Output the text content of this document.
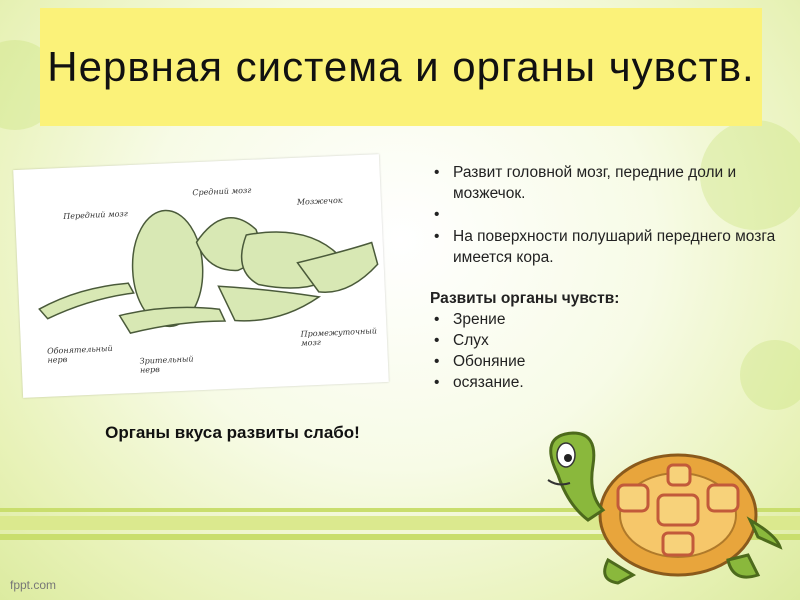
Нервная система и органы чувств.
Передний мозг
Средний мозг
Мозжечок
Обонятельный нерв	Зрительный нерв
Промежуточный мозг
• Развит головной мозг, передние доли и мозжечок.
•
• На поверхности полушарий переднего мозга имеется кора.
Развиты органы чувств:
• Зрение
• Слух
• Обоняние
• осязание.
Органы вкуса развиты слабо!
fppt.com
